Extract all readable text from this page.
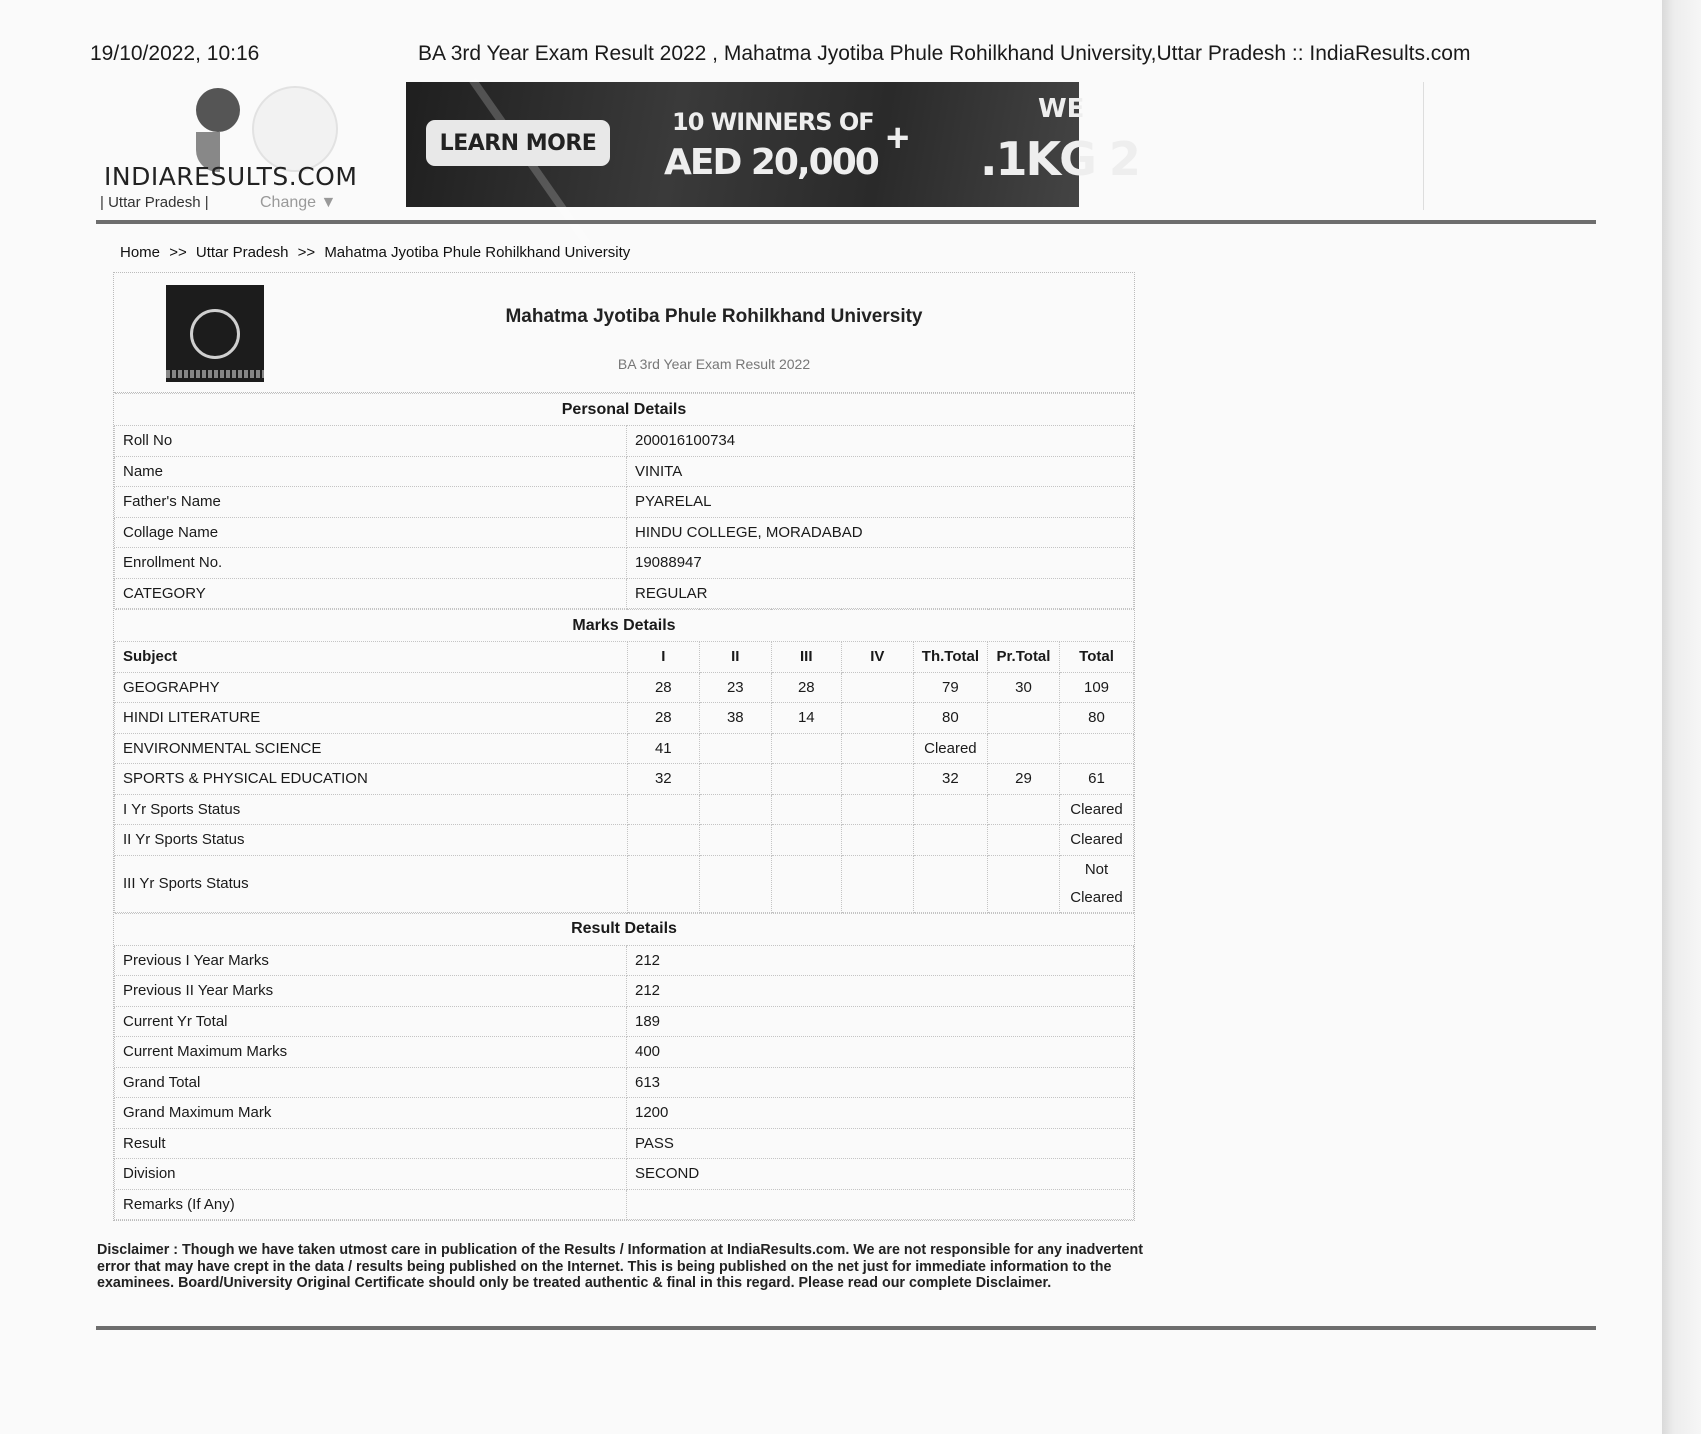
19/10/2022, 10:16	BA 3rd Year Exam Result 2022 , Mahatma Jyotiba Phule Rohilkhand University,Uttar Pradesh :: IndiaResults.com
INDIARESULTS.COM
| Uttar Pradesh |	Change ▼
LEARN MORE
WE
10 WINNERS OF
AED 20,000
+ .1KG 2
Home >> Uttar Pradesh >> Mahatma Jyotiba Phule Rohilkhand University
Mahatma Jyotiba Phule Rohilkhand University
BA 3rd Year Exam Result 2022
Personal Details	
Roll No	200016100734
Name	VINITA
Father's Name	PYARELAL
Collage Name	HINDU COLLEGE, MORADABAD
Enrollment No.	19088947
CATEGORY	REGULAR
Marks Details							
Subject	I	II	III	IV	Th.Total	Pr.Total	Total
GEOGRAPHY	28	23	28		79	30	109
HINDI LITERATURE	28	38	14		80		80
ENVIRONMENTAL SCIENCE	41				Cleared		
SPORTS & PHYSICAL EDUCATION	32				32	29	61
I Yr Sports Status							Cleared
II Yr Sports Status							Cleared
III Yr Sports Status							Not
Cleared
Result Details	
Previous I Year Marks	212
Previous II Year Marks	212
Current Yr Total	189
Current Maximum Marks	400
Grand Total	613
Grand Maximum Mark	1200
Result	PASS
Division	SECOND
Remarks (If Any)	
Disclaimer : Though we have taken utmost care in publication of the Results / Information at IndiaResults.com. We are not responsible for any inadvertent error that may have crept in the data / results being published on the Internet. This is being published on the net just for immediate information to the examinees. Board/University Original Certificate should only be treated authentic & final in this regard. Please read our complete Disclaimer.
